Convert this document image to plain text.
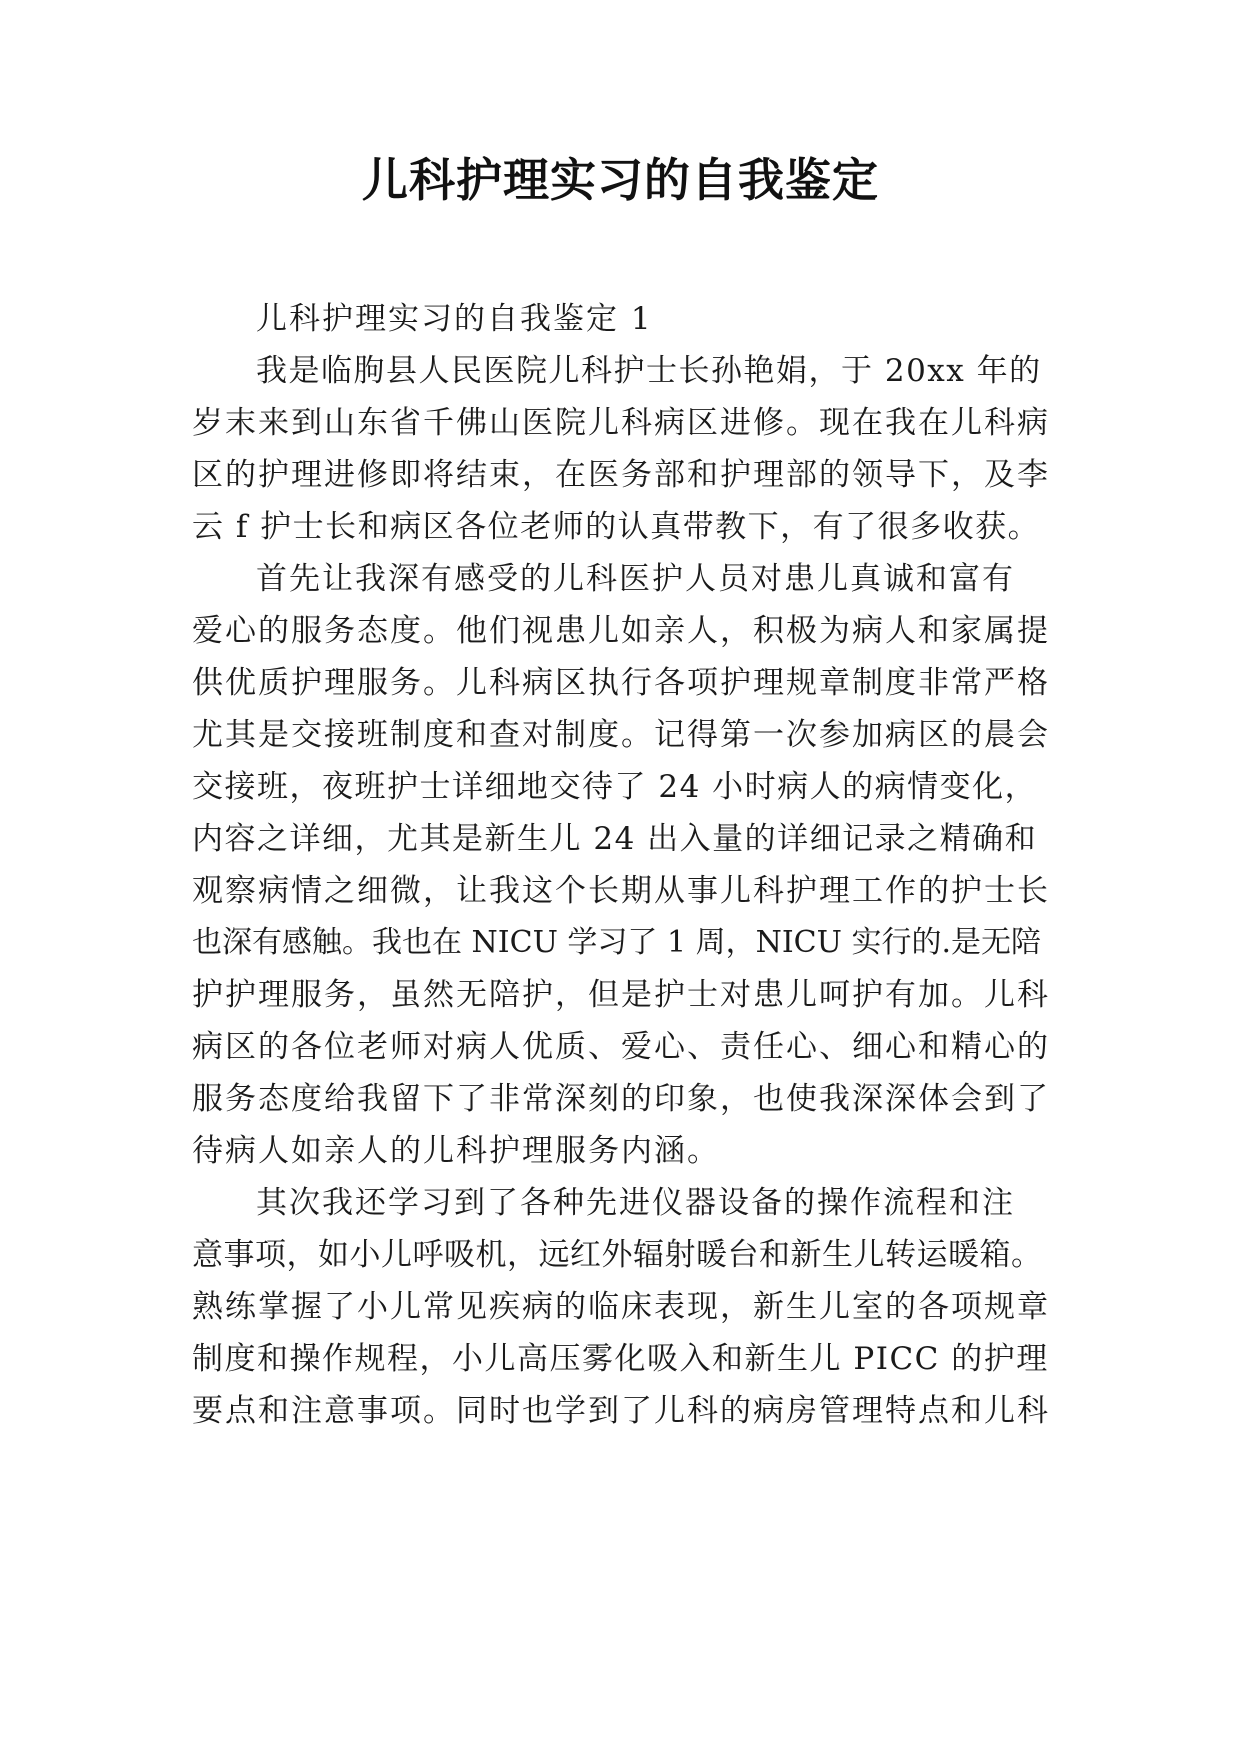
儿科护理实习的自我鉴定
儿科护理实习的自我鉴定 1
我是临朐县人民医院儿科护士长孙艳娟，于 20xx 年的
岁末来到山东省千佛山医院儿科病区进修。现在我在儿科病
区的护理进修即将结束，在医务部和护理部的领导下，及李
云 f 护士长和病区各位老师的认真带教下，有了很多收获。
首先让我深有感受的儿科医护人员对患儿真诚和富有
爱心的服务态度。他们视患儿如亲人，积极为病人和家属提
供优质护理服务。儿科病区执行各项护理规章制度非常严格
尤其是交接班制度和查对制度。记得第一次参加病区的晨会
交接班，夜班护士详细地交待了 24 小时病人的病情变化，
内容之详细，尤其是新生儿 24 出入量的详细记录之精确和
观察病情之细微，让我这个长期从事儿科护理工作的护士长
也深有感触。我也在 NICU 学习了 1 周，NICU 实行的.是无陪
护护理服务，虽然无陪护，但是护士对患儿呵护有加。儿科
病区的各位老师对病人优质、爱心、责任心、细心和精心的
服务态度给我留下了非常深刻的印象，也使我深深体会到了
待病人如亲人的儿科护理服务内涵。
其次我还学习到了各种先进仪器设备的操作流程和注
意事项，如小儿呼吸机，远红外辐射暖台和新生儿转运暖箱。
熟练掌握了小儿常见疾病的临床表现，新生儿室的各项规章
制度和操作规程，小儿高压雾化吸入和新生儿 PICC 的护理
要点和注意事项。同时也学到了儿科的病房管理特点和儿科
